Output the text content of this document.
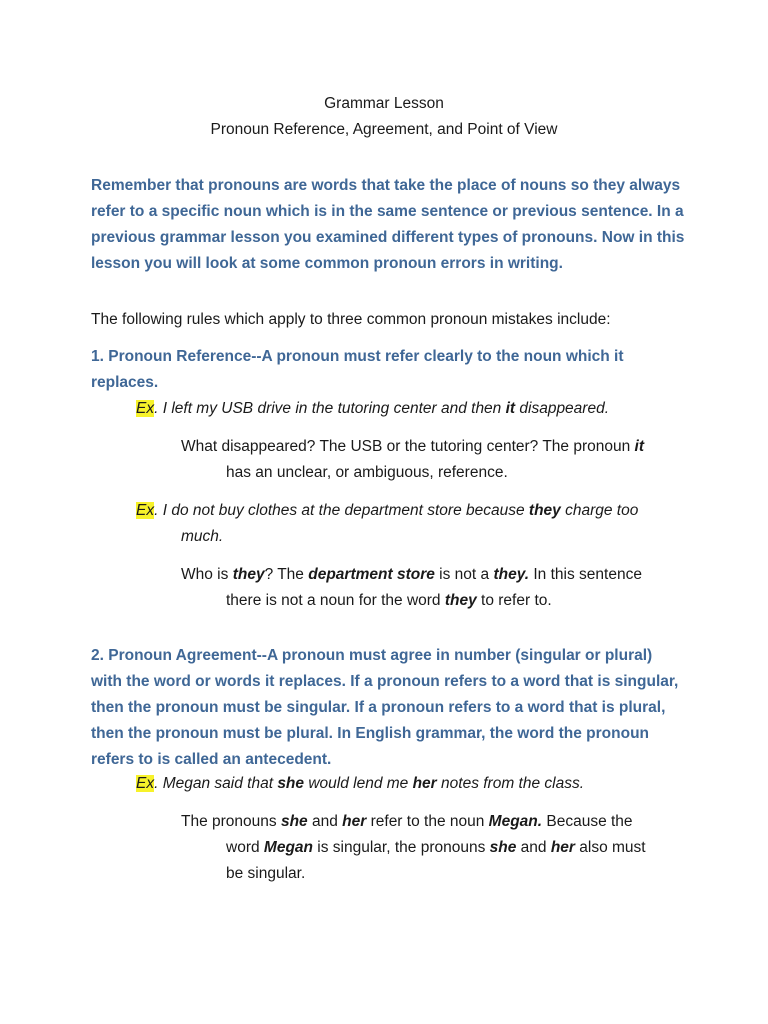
Grammar Lesson
Pronoun Reference, Agreement, and Point of View
Remember that pronouns are words that take the place of nouns so they always
refer to a specific noun which is in the same sentence or previous sentence. In a
previous grammar lesson you examined different types of pronouns. Now in this
lesson you will look at some common pronoun errors in writing.
The following rules which apply to three common pronoun mistakes include:
1. Pronoun Reference--A pronoun must refer clearly to the noun which it
replaces.
Ex. I left my USB drive in the tutoring center and then it disappeared.
What disappeared? The USB or the tutoring center? The pronoun it
has an unclear, or ambiguous, reference.
Ex. I do not buy clothes at the department store because they charge too
much.
Who is they? The department store is not a they. In this sentence
there is not a noun for the word they to refer to.
2. Pronoun Agreement--A pronoun must agree in number (singular or plural)
with the word or words it replaces. If a pronoun refers to a word that is singular,
then the pronoun must be singular. If a pronoun refers to a word that is plural,
then the pronoun must be plural. In English grammar, the word the pronoun
refers to is called an antecedent.
Ex. Megan said that she would lend me her notes from the class.
The pronouns she and her refer to the noun Megan. Because the
word Megan is singular, the pronouns she and her also must
be singular.
